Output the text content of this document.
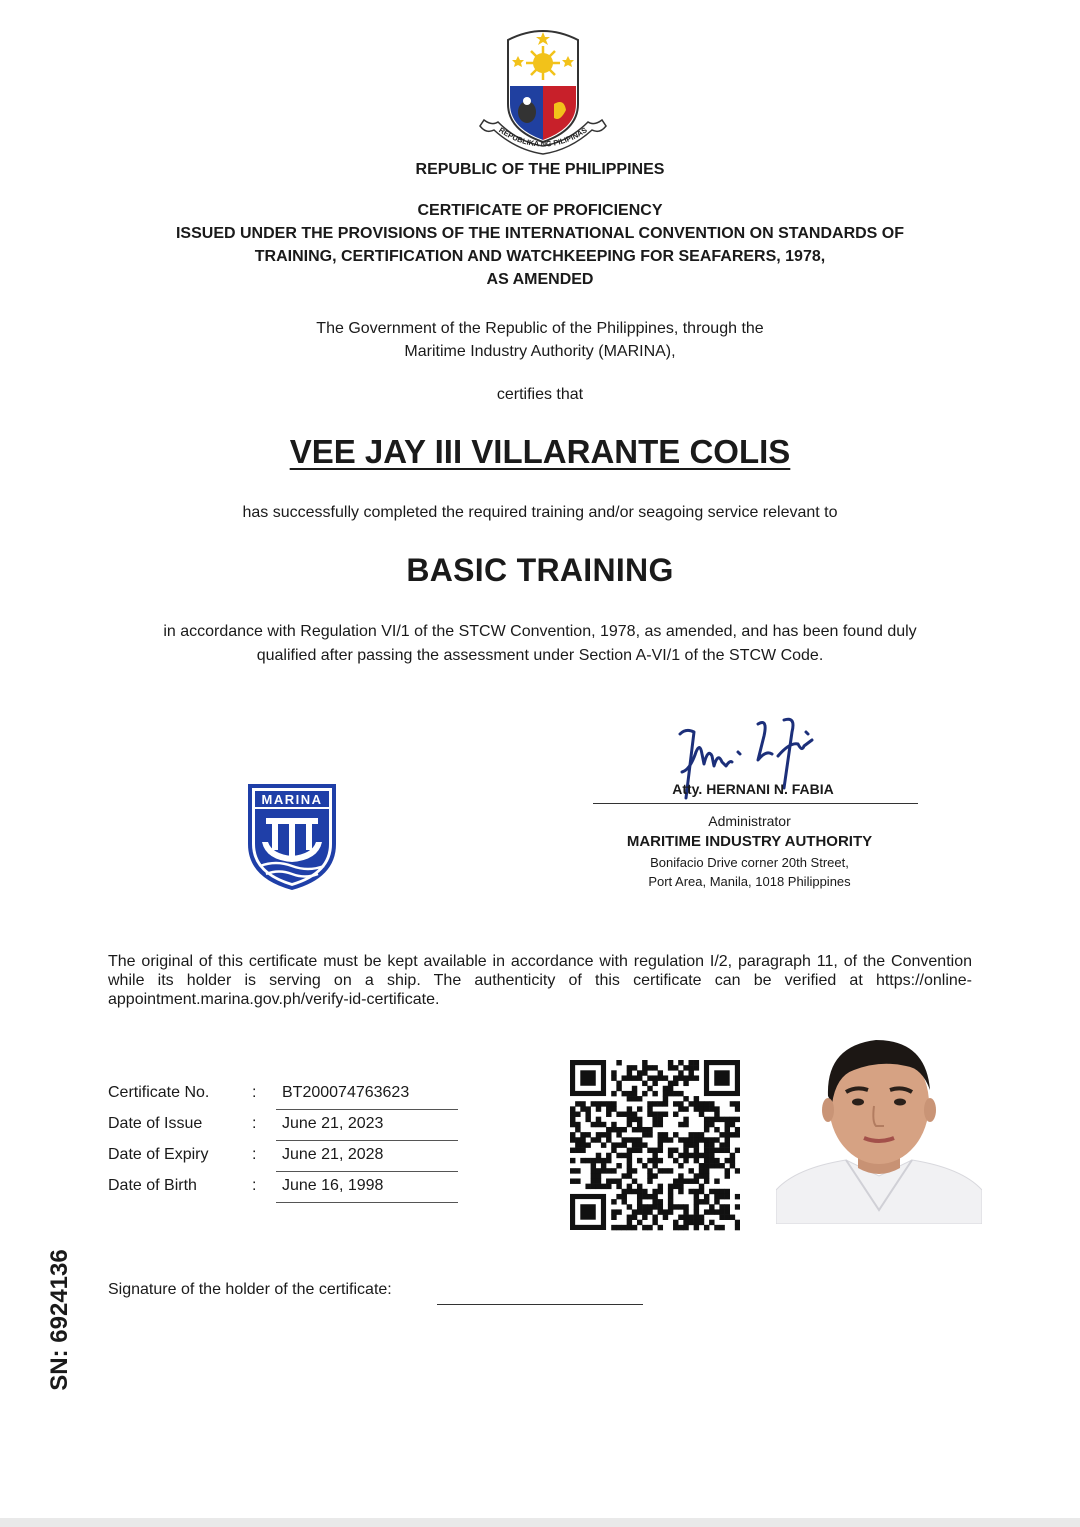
REPUBLIKA NG PILIPINAS
REPUBLIC OF THE PHILIPPINES
CERTIFICATE OF PROFICIENCY
ISSUED UNDER THE PROVISIONS OF THE INTERNATIONAL CONVENTION ON STANDARDS OF
TRAINING, CERTIFICATION AND WATCHKEEPING FOR SEAFARERS, 1978,
AS AMENDED
The Government of the Republic of the Philippines, through the
Maritime Industry Authority (MARINA),
certifies that
VEE JAY III VILLARANTE COLIS
has successfully completed the required training and/or seagoing service relevant to
BASIC TRAINING
in accordance with Regulation VI/1 of the STCW Convention, 1978, as amended, and has been found duly
qualified after passing the assessment under Section A-VI/1 of the STCW Code.
MARINA
Atty. HERNANI N. FABIA
Administrator
MARITIME INDUSTRY AUTHORITY
Bonifacio Drive corner 20th Street,
Port Area, Manila, 1018 Philippines
The original of this certificate must be kept available in accordance with regulation I/2, paragraph 11, of the Convention while its holder is serving on a ship. The authenticity of this certificate can be verified at https://online-appointment.marina.gov.ph/verify-id-certificate.
Certificate No.	:	BT200074763623
Date of Issue	:	June 21, 2023
Date of Expiry	:	June 21, 2028
Date of Birth	:	June 16, 1998
Signature of the holder of the certificate:
SN: 6924136
